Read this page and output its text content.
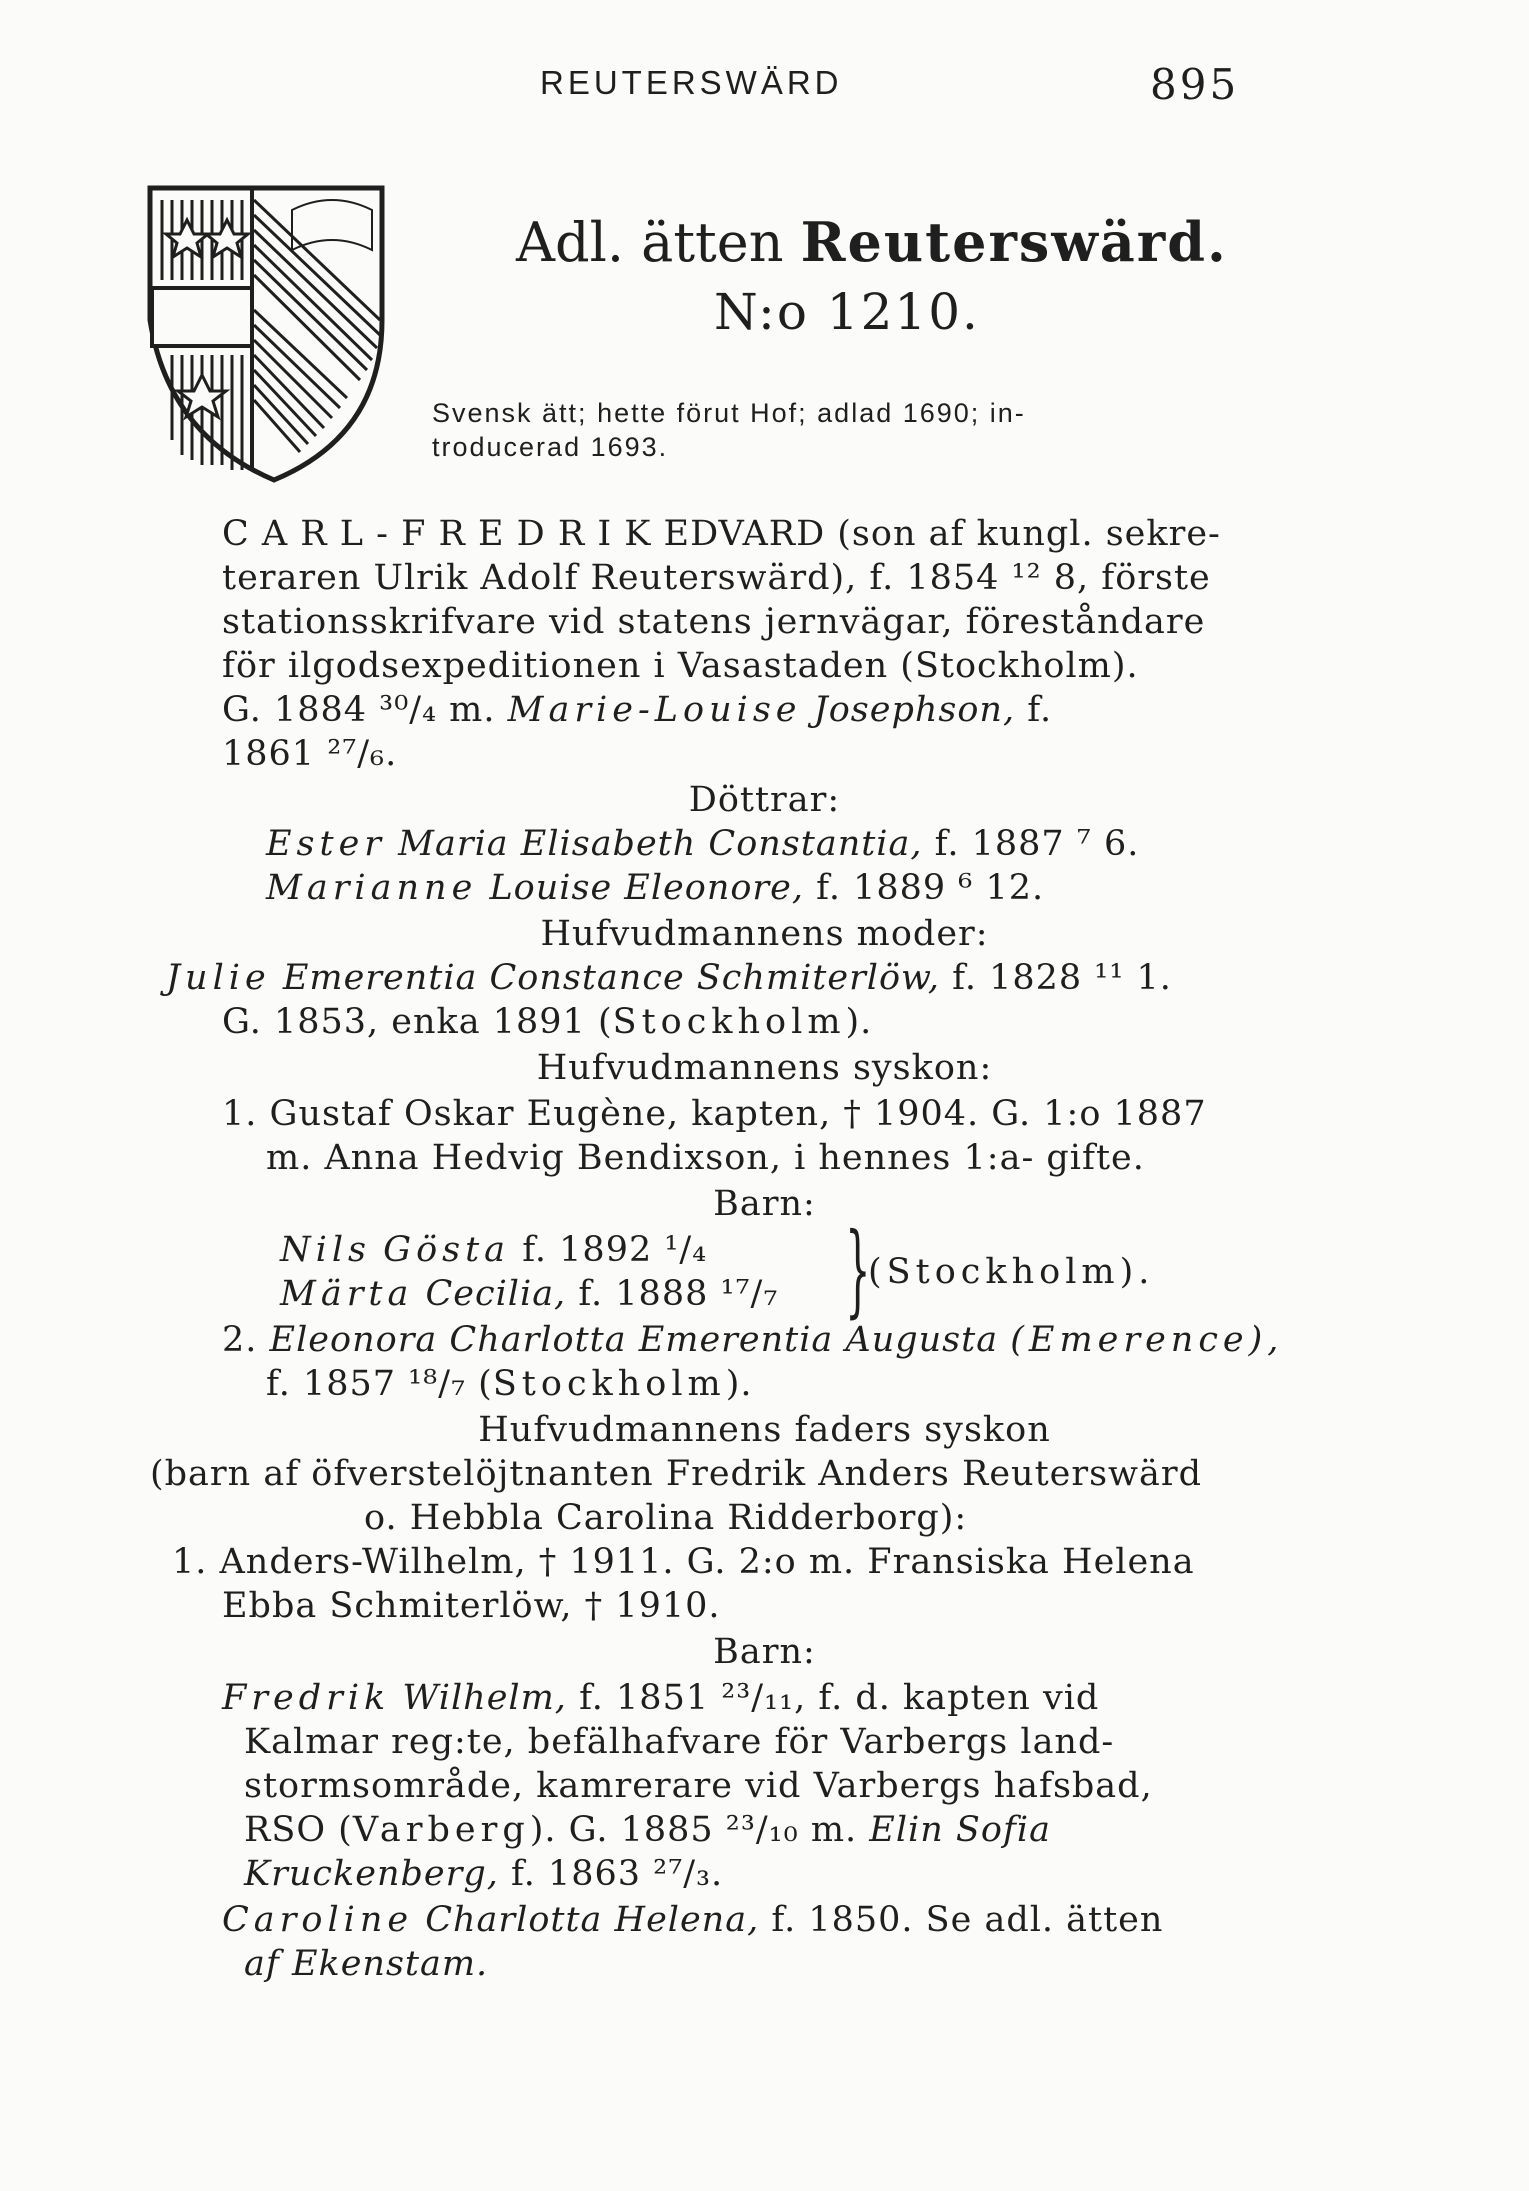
REUTERSWÄRD	895
Adl. ätten Reuterswärd.
N:o 1210.
Svensk ätt; hette förut Hof; adlad 1690; in-
troducerad 1693.
C A R L - F R E D R I K EDVARD (son af kungl. sekre-
teraren Ulrik Adolf Reuterswärd), f. 1854 ¹² 8, förste
stationsskrifvare vid statens jernvägar, föreståndare
för ilgodsexpeditionen i Vasastaden (Stockholm).
G. 1884 ³⁰/₄ m. Marie-Louise Josephson, f.
1861 ²⁷/₆.
Döttrar:
Ester Maria Elisabeth Constantia, f. 1887 ⁷ 6.
Marianne Louise Eleonore, f. 1889 ⁶ 12.
Hufvudmannens moder:
Julie Emerentia Constance Schmiterlöw, f. 1828 ¹¹ 1.
G. 1853, enka 1891 (Stockholm).
Hufvudmannens syskon:
1. Gustaf Oskar Eugène, kapten, † 1904. G. 1:o 1887
m. Anna Hedvig Bendixson, i hennes 1:a- gifte.
Barn:
Nils Gösta f. 1892 ¹/₄
Märta Cecilia, f. 1888 ¹⁷/₇ }
(Stockholm).
2. Eleonora Charlotta Emerentia Augusta (Emerence),
f. 1857 ¹⁸/₇ (Stockholm).
Hufvudmannens faders syskon
(barn af öfverstelöjtnanten Fredrik Anders Reuterswärd
o. Hebbla Carolina Ridderborg):
1. Anders-Wilhelm, † 1911. G. 2:o m. Fransiska Helena
Ebba Schmiterlöw, † 1910.
Barn:
Fredrik Wilhelm, f. 1851 ²³/₁₁, f. d. kapten vid
Kalmar reg:te, befälhafvare för Varbergs land-
stormsområde, kamrerare vid Varbergs hafsbad,
RSO (Varberg). G. 1885 ²³/₁₀ m. Elin Sofia
Kruckenberg, f. 1863 ²⁷/₃.
Caroline Charlotta Helena, f. 1850. Se adl. ätten
af Ekenstam.
